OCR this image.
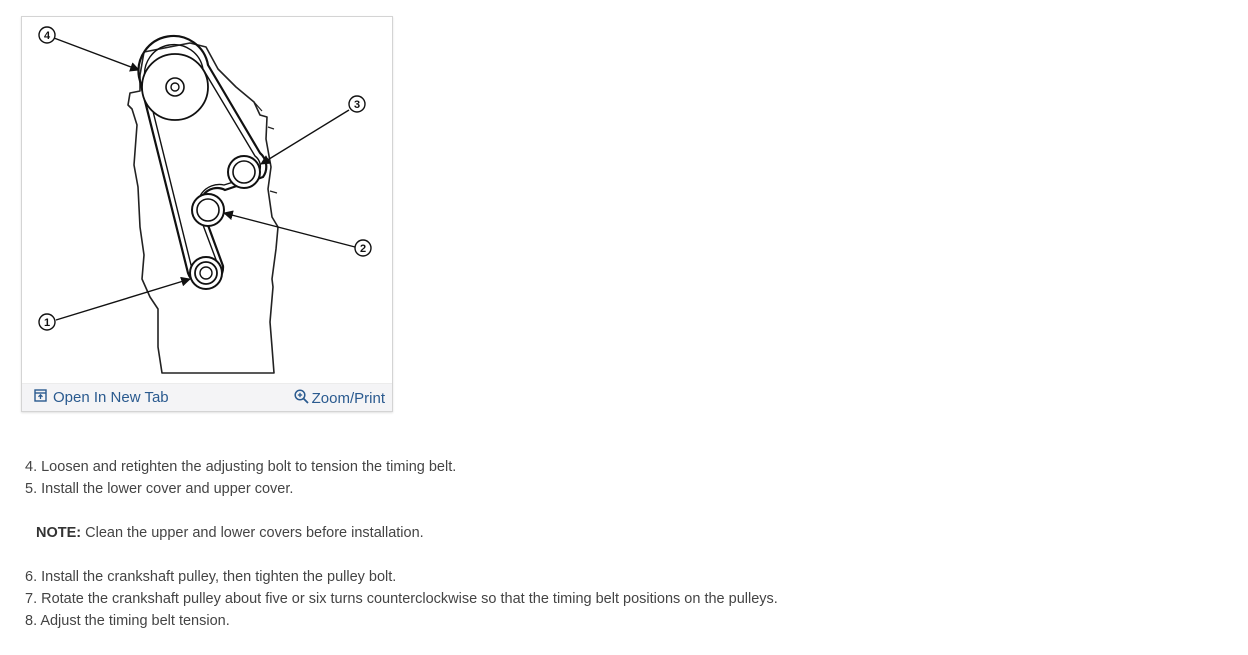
4
3
2
1
Open In New Tab	Zoom/Print
4. Loosen and retighten the adjusting bolt to tension the timing belt.
5. Install the lower cover and upper cover.
NOTE: Clean the upper and lower covers before installation.
6. Install the crankshaft pulley, then tighten the pulley bolt.
7. Rotate the crankshaft pulley about five or six turns counterclockwise so that the timing belt positions on the pulleys.
8. Adjust the timing belt tension.
